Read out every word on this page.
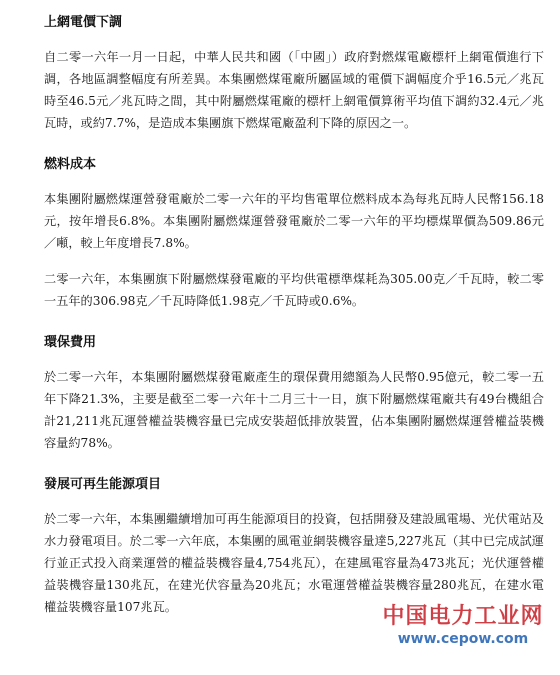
上網電價下調

自二零一六年一月一日起，中華人民共和國（「中國」）政府對燃煤電廠標杆上網電價進行下調，各地區調整幅度有所差異。本集團燃煤電廠所屬區域的電價下調幅度介乎16.5元／兆瓦時至46.5元／兆瓦時之間，其中附屬燃煤電廠的標杆上網電價算術平均值下調約32.4元／兆瓦時，或約7.7%，是造成本集團旗下燃煤電廠盈利下降的原因之一。

燃料成本

本集團附屬燃煤運營發電廠於二零一六年的平均售電單位燃料成本為每兆瓦時人民幣156.18元，按年增長6.8%。本集團附屬燃煤運營發電廠於二零一六年的平均標煤單價為509.86元／噸，較上年度增長7.8%。

二零一六年，本集團旗下附屬燃煤發電廠的平均供電標準煤耗為305.00克／千瓦時，較二零一五年的306.98克／千瓦時降低1.98克／千瓦時或0.6%。

環保費用

於二零一六年，本集團附屬燃煤發電廠產生的環保費用總額為人民幣0.95億元，較二零一五年下降21.3%，主要是截至二零一六年十二月三十一日，旗下附屬燃煤電廠共有49台機組合計21,211兆瓦運營權益裝機容量已完成安裝超低排放裝置，佔本集團附屬燃煤運營權益裝機容量約78%。

發展可再生能源項目

於二零一六年，本集團繼續增加可再生能源項目的投資，包括開發及建設風電場、光伏電站及水力發電項目。於二零一六年底，本集團的風電並網裝機容量達5,227兆瓦（其中已完成試運行並正式投入商業運營的權益裝機容量4,754兆瓦），在建風電容量為473兆瓦；光伏運營權益裝機容量130兆瓦，在建光伏容量為20兆瓦；水電運營權益裝機容量280兆瓦，在建水電權益裝機容量107兆瓦。	中国电力工业网
www.cepow.com
